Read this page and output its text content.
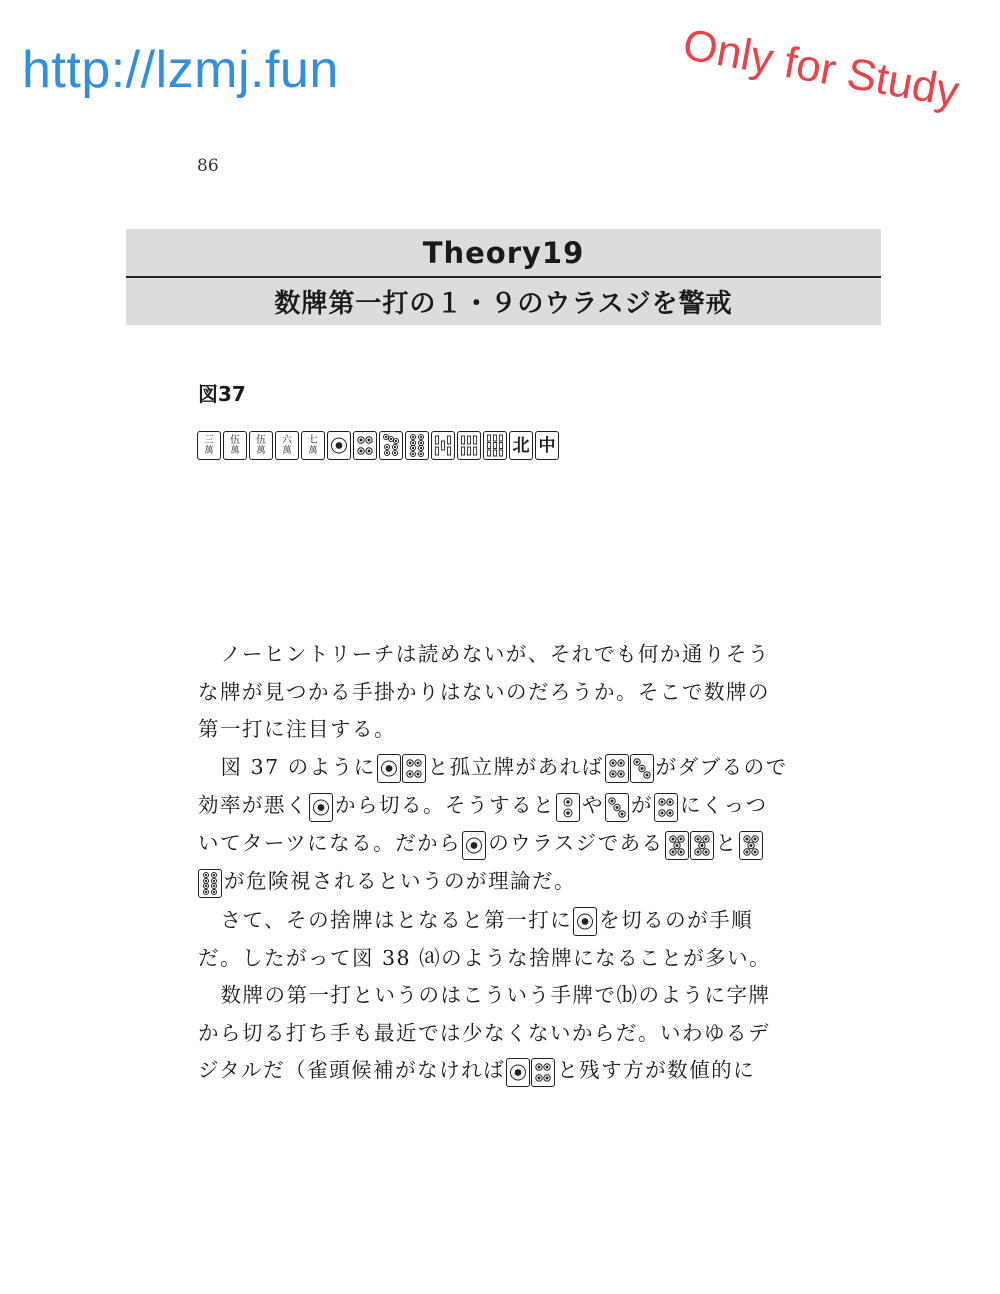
http://lzmj.fun	Only for Study
86
Theory19
数牌第一打の１・９のウラスジを警戒
図37
三
萬
伍
萬
伍
萬
六
萬
七
萬	北 中

ノーヒントリーチは読めないが、それでも何か通りそうな牌が見つかる手掛かりはないのだろうか。そこで数牌の第一打に注目する。

図 37 のように	と孤立牌があれば	がダブるので効率が悪く から切る。そうすると や が にくっついてターツになる。だから のウラスジである	と
が危険視されるというのが理論だ。

さて、その捨牌はとなると第一打に を切るのが手順だ。したがって図 38 ⒜のような捨牌になることが多い。

数牌の第一打というのはこういう手牌で⒝のように字牌から切る打ち手も最近では少なくないからだ。いわゆるデジタルだ（雀頭候補がなければ	と残す方が数値的に
